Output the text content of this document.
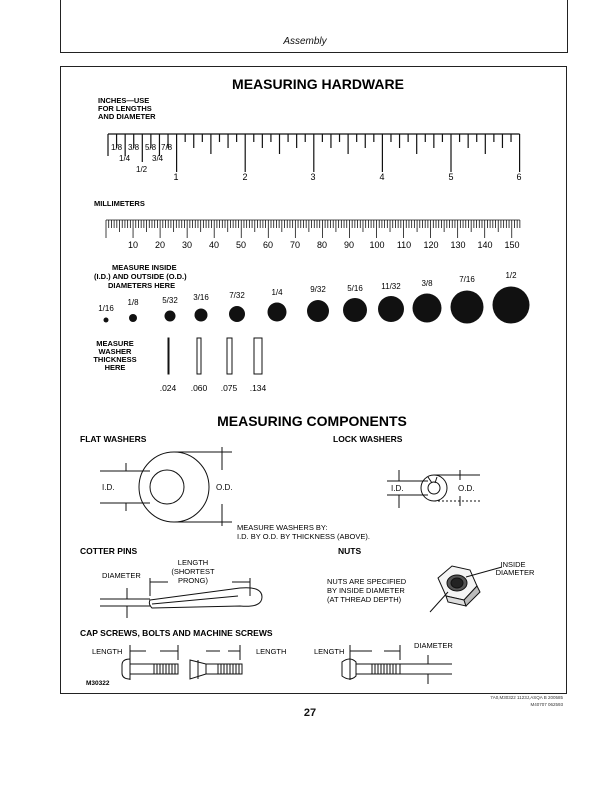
Assembly
MEASURING HARDWARE
INCHES—USE
FOR LENGTHS
AND DIAMETER
1/8 3/8 5/8 7/8
1/4	3/4
1/2
1	2	3	4	5	6
MILLIMETERS
10 20 30 40 50 60 70 80 90 100 110 120 130 140 150
MEASURE INSIDE
(I.D.) AND OUTSIDE (O.D.)
DIAMETERS HERE
1/16
1/8	5/32 3/16	7/32	1/4	9/32	5/16 11/32	3/8	7/16	1/2
MEASURE
WASHER
THICKNESS
HERE
.024 .060 .075 .134
MEASURING COMPONENTS
FLAT WASHERS	LOCK WASHERS
I.D.	O.D.	I.D.	O.D.
MEASURE WASHERS BY:
I.D. BY O.D. BY THICKNESS (ABOVE).
COTTER PINS	NUTS
LENGTH
(SHORTEST
PRONG)
DIAMETER
NUTS ARE SPECIFIED
BY INSIDE DIAMETER
(AT THREAD DEPTH)
INSIDE
DIAMETER
CAP SCREWS, BOLTS AND MACHINE SCREWS
LENGTH	LENGTH	LENGTH
DIAMETER
M30322
7A0,M30322 1123J,ASQA B 200585
M40707 062593
27
